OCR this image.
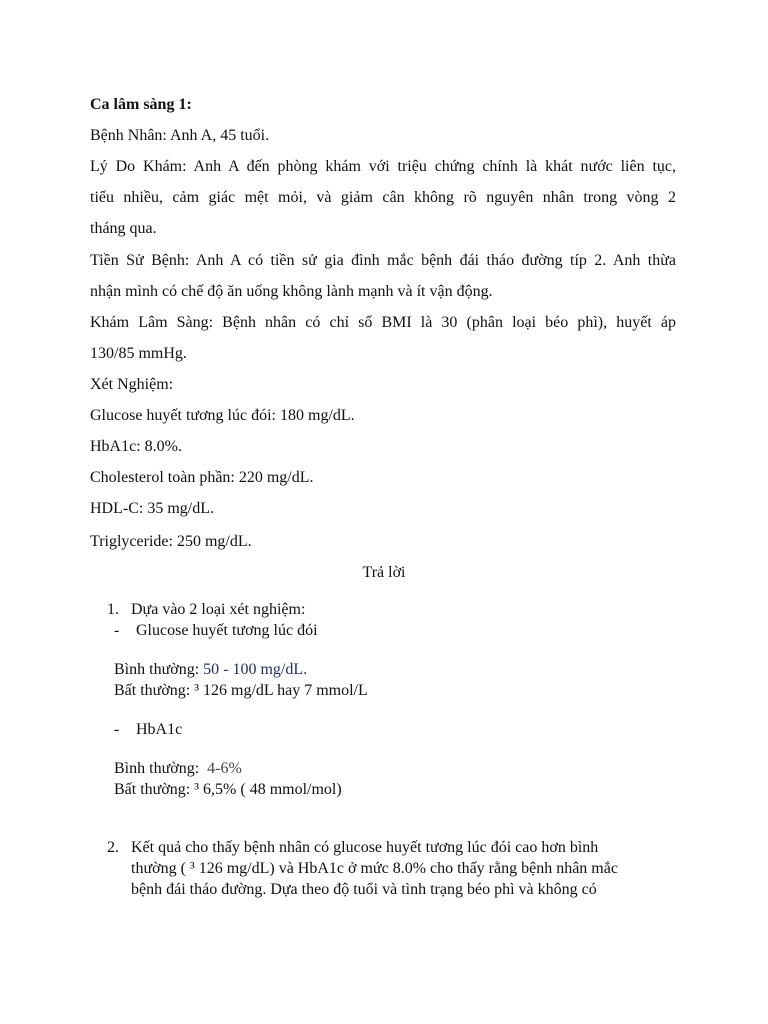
Ca lâm sàng 1:

Bệnh Nhân: Anh A, 45 tuổi.

Lý Do Khám: Anh A đến phòng khám với triệu chứng chính là khát nước liên tục,

tiểu nhiều, cảm giác mệt mỏi, và giảm cân không rõ nguyên nhân trong vòng 2

tháng qua.

Tiền Sử Bệnh: Anh A có tiền sử gia đình mắc bệnh đái tháo đường típ 2. Anh thừa

nhận mình có chế độ ăn uống không lành mạnh và ít vận động.

Khám Lâm Sàng: Bệnh nhân có chỉ số BMI là 30 (phân loại béo phì), huyết áp

130/85 mmHg.

Xét Nghiệm:

Glucose huyết tương lúc đói: 180 mg/dL.

HbA1c: 8.0%.

Cholesterol toàn phần: 220 mg/dL.

HDL-C: 35 mg/dL.

Triglyceride: 250 mg/dL.

Trả lời

1. Dựa vào 2 loại xét nghiệm:
- Glucose huyết tương lúc đói
Bình thường: 50 - 100 mg/dL.
Bất thường: ³ 126 mg/dL hay 7 mmol/L
- HbA1c
Bình thường:  4-6%
Bất thường: ³ 6,5% ( 48 mmol/mol)
2. Kết quả cho thấy bệnh nhân có glucose huyết tương lúc đói cao hơn bình
thường ( ³ 126 mg/dL) và HbA1c ở mức 8.0% cho thấy rằng bệnh nhân mắc
bệnh đái tháo đường. Dựa theo độ tuổi và tình trạng béo phì và không có
